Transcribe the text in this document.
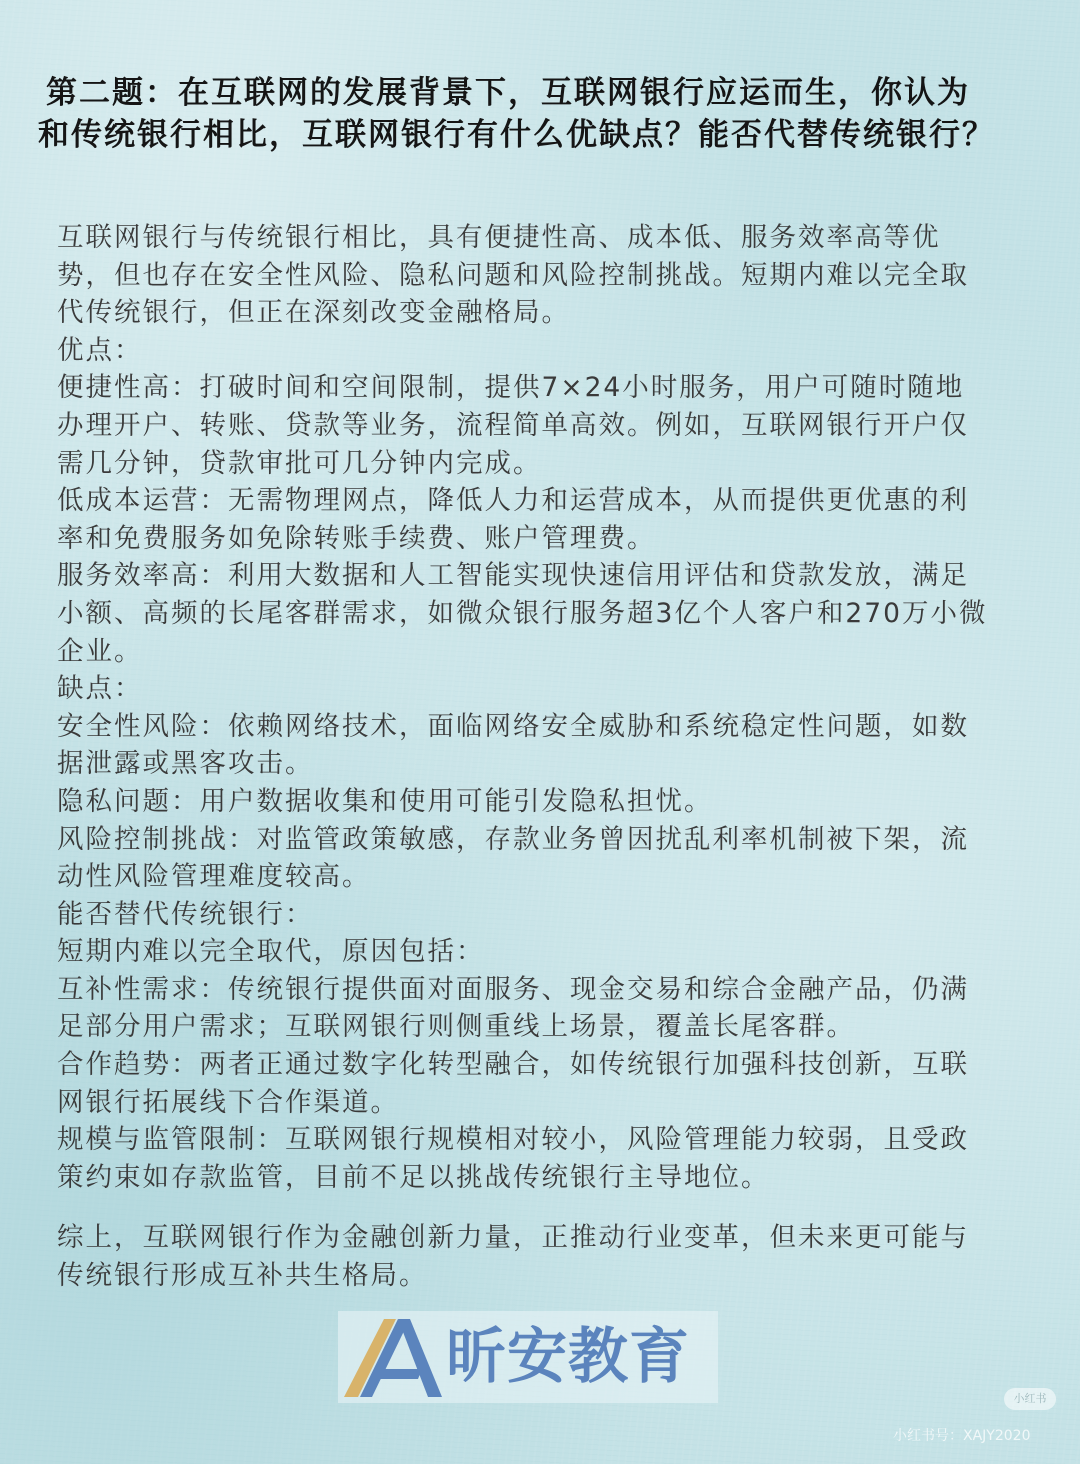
第二题：在互联网的发展背景下，互联网银行应运而生，你认为
和传统银行相比，互联网银行有什么优缺点？能否代替传统银行？
互联网银行与传统银行相比，具有便捷性高、成本低、服务效率高等优
势，但也存在安全性风险、隐私问题和风险控制挑战。短期内难以完全取
代传统银行，但正在深刻改变金融格局。
优点：
便捷性高：打破时间和空间限制，提供7×24小时服务，用户可随时随地
办理开户、转账、贷款等业务，流程简单高效。例如，互联网银行开户仅
需几分钟，贷款审批可几分钟内完成。
低成本运营：无需物理网点，降低人力和运营成本，从而提供更优惠的利
率和免费服务如免除转账手续费、账户管理费。
服务效率高：利用大数据和人工智能实现快速信用评估和贷款发放，满足
小额、高频的长尾客群需求，如微众银行服务超3亿个人客户和270万小微
企业。
缺点：
安全性风险：依赖网络技术，面临网络安全威胁和系统稳定性问题，如数
据泄露或黑客攻击。
隐私问题：用户数据收集和使用可能引发隐私担忧。
风险控制挑战：对监管政策敏感，存款业务曾因扰乱利率机制被下架，流
动性风险管理难度较高。
能否替代传统银行：
短期内难以完全取代，原因包括：
互补性需求：传统银行提供面对面服务、现金交易和综合金融产品，仍满
足部分用户需求；互联网银行则侧重线上场景，覆盖长尾客群。
合作趋势：两者正通过数字化转型融合，如传统银行加强科技创新，互联
网银行拓展线下合作渠道。
规模与监管限制：互联网银行规模相对较小，风险管理能力较弱，且受政
策约束如存款监管，目前不足以挑战传统银行主导地位。
综上，互联网银行作为金融创新力量，正推动行业变革，但未来更可能与
传统银行形成互补共生格局。
昕安教育
小红书
小红书号：XAJY2020
